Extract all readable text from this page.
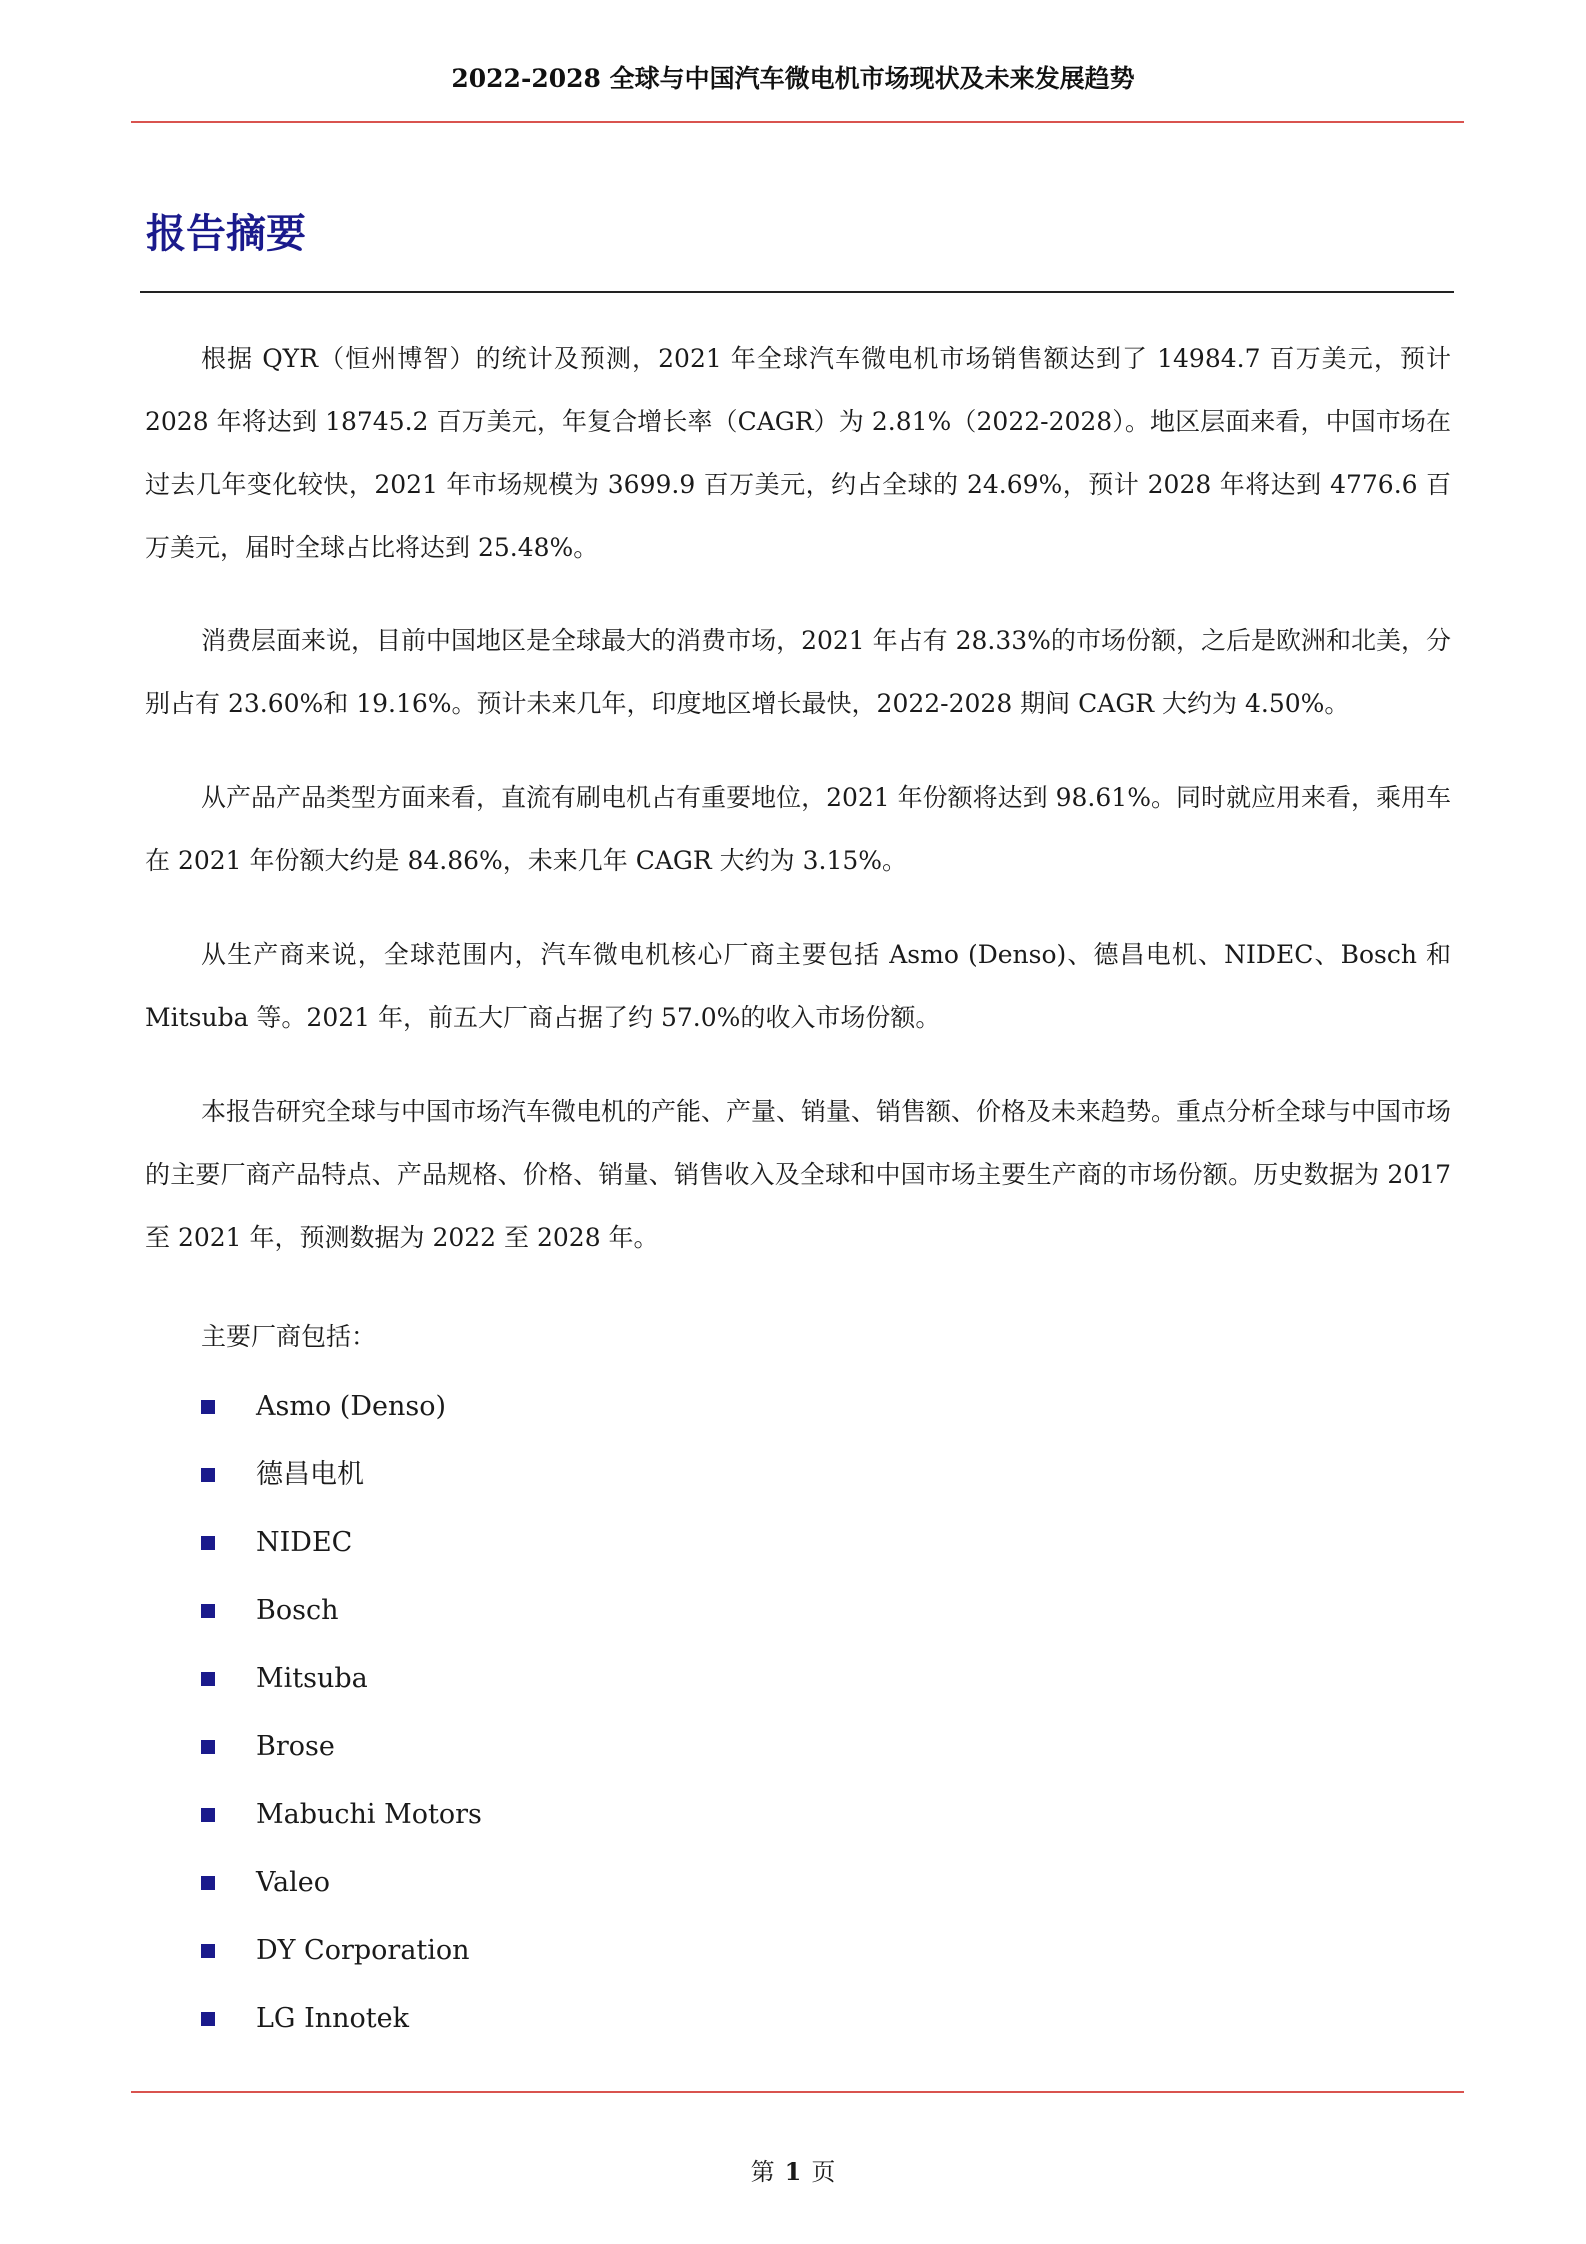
2022-2028 全球与中国汽车微电机市场现状及未来发展趋势
报告摘要

根据 QYR（恒州博智）的统计及预测，2021 年全球汽车微电机市场销售额达到了 14984.7 百万美元，预计 2028 年将达到 18745.2 百万美元，年复合增长率（CAGR）为 2.81%（2022-2028）。地区层面来看，中国市场在过去几年变化较快，2021 年市场规模为 3699.9 百万美元，约占全球的 24.69%，预计 2028 年将达到 4776.6 百万美元，届时全球占比将达到 25.48%。

消费层面来说，目前中国地区是全球最大的消费市场，2021 年占有 28.33%的市场份额，之后是欧洲和北美，分别占有 23.60%和 19.16%。预计未来几年，印度地区增长最快，2022-2028 期间 CAGR 大约为 4.50%。

从产品产品类型方面来看，直流有刷电机占有重要地位，2021 年份额将达到 98.61%。同时就应用来看，乘用车在 2021 年份额大约是 84.86%，未来几年 CAGR 大约为 3.15%。

从生产商来说，全球范围内，汽车微电机核心厂商主要包括 Asmo (Denso)、德昌电机、NIDEC、Bosch 和 Mitsuba 等。2021 年，前五大厂商占据了约 57.0%的收入市场份额。

本报告研究全球与中国市场汽车微电机的产能、产量、销量、销售额、价格及未来趋势。重点分析全球与中国市场的主要厂商产品特点、产品规格、价格、销量、销售收入及全球和中国市场主要生产商的市场份额。历史数据为 2017 至 2021 年，预测数据为 2022 至 2028 年。

主要厂商包括：
Asmo (Denso)
德昌电机
NIDEC
Bosch
Mitsuba
Brose
Mabuchi Motors
Valeo
DY Corporation
LG Innotek
第 1 页
